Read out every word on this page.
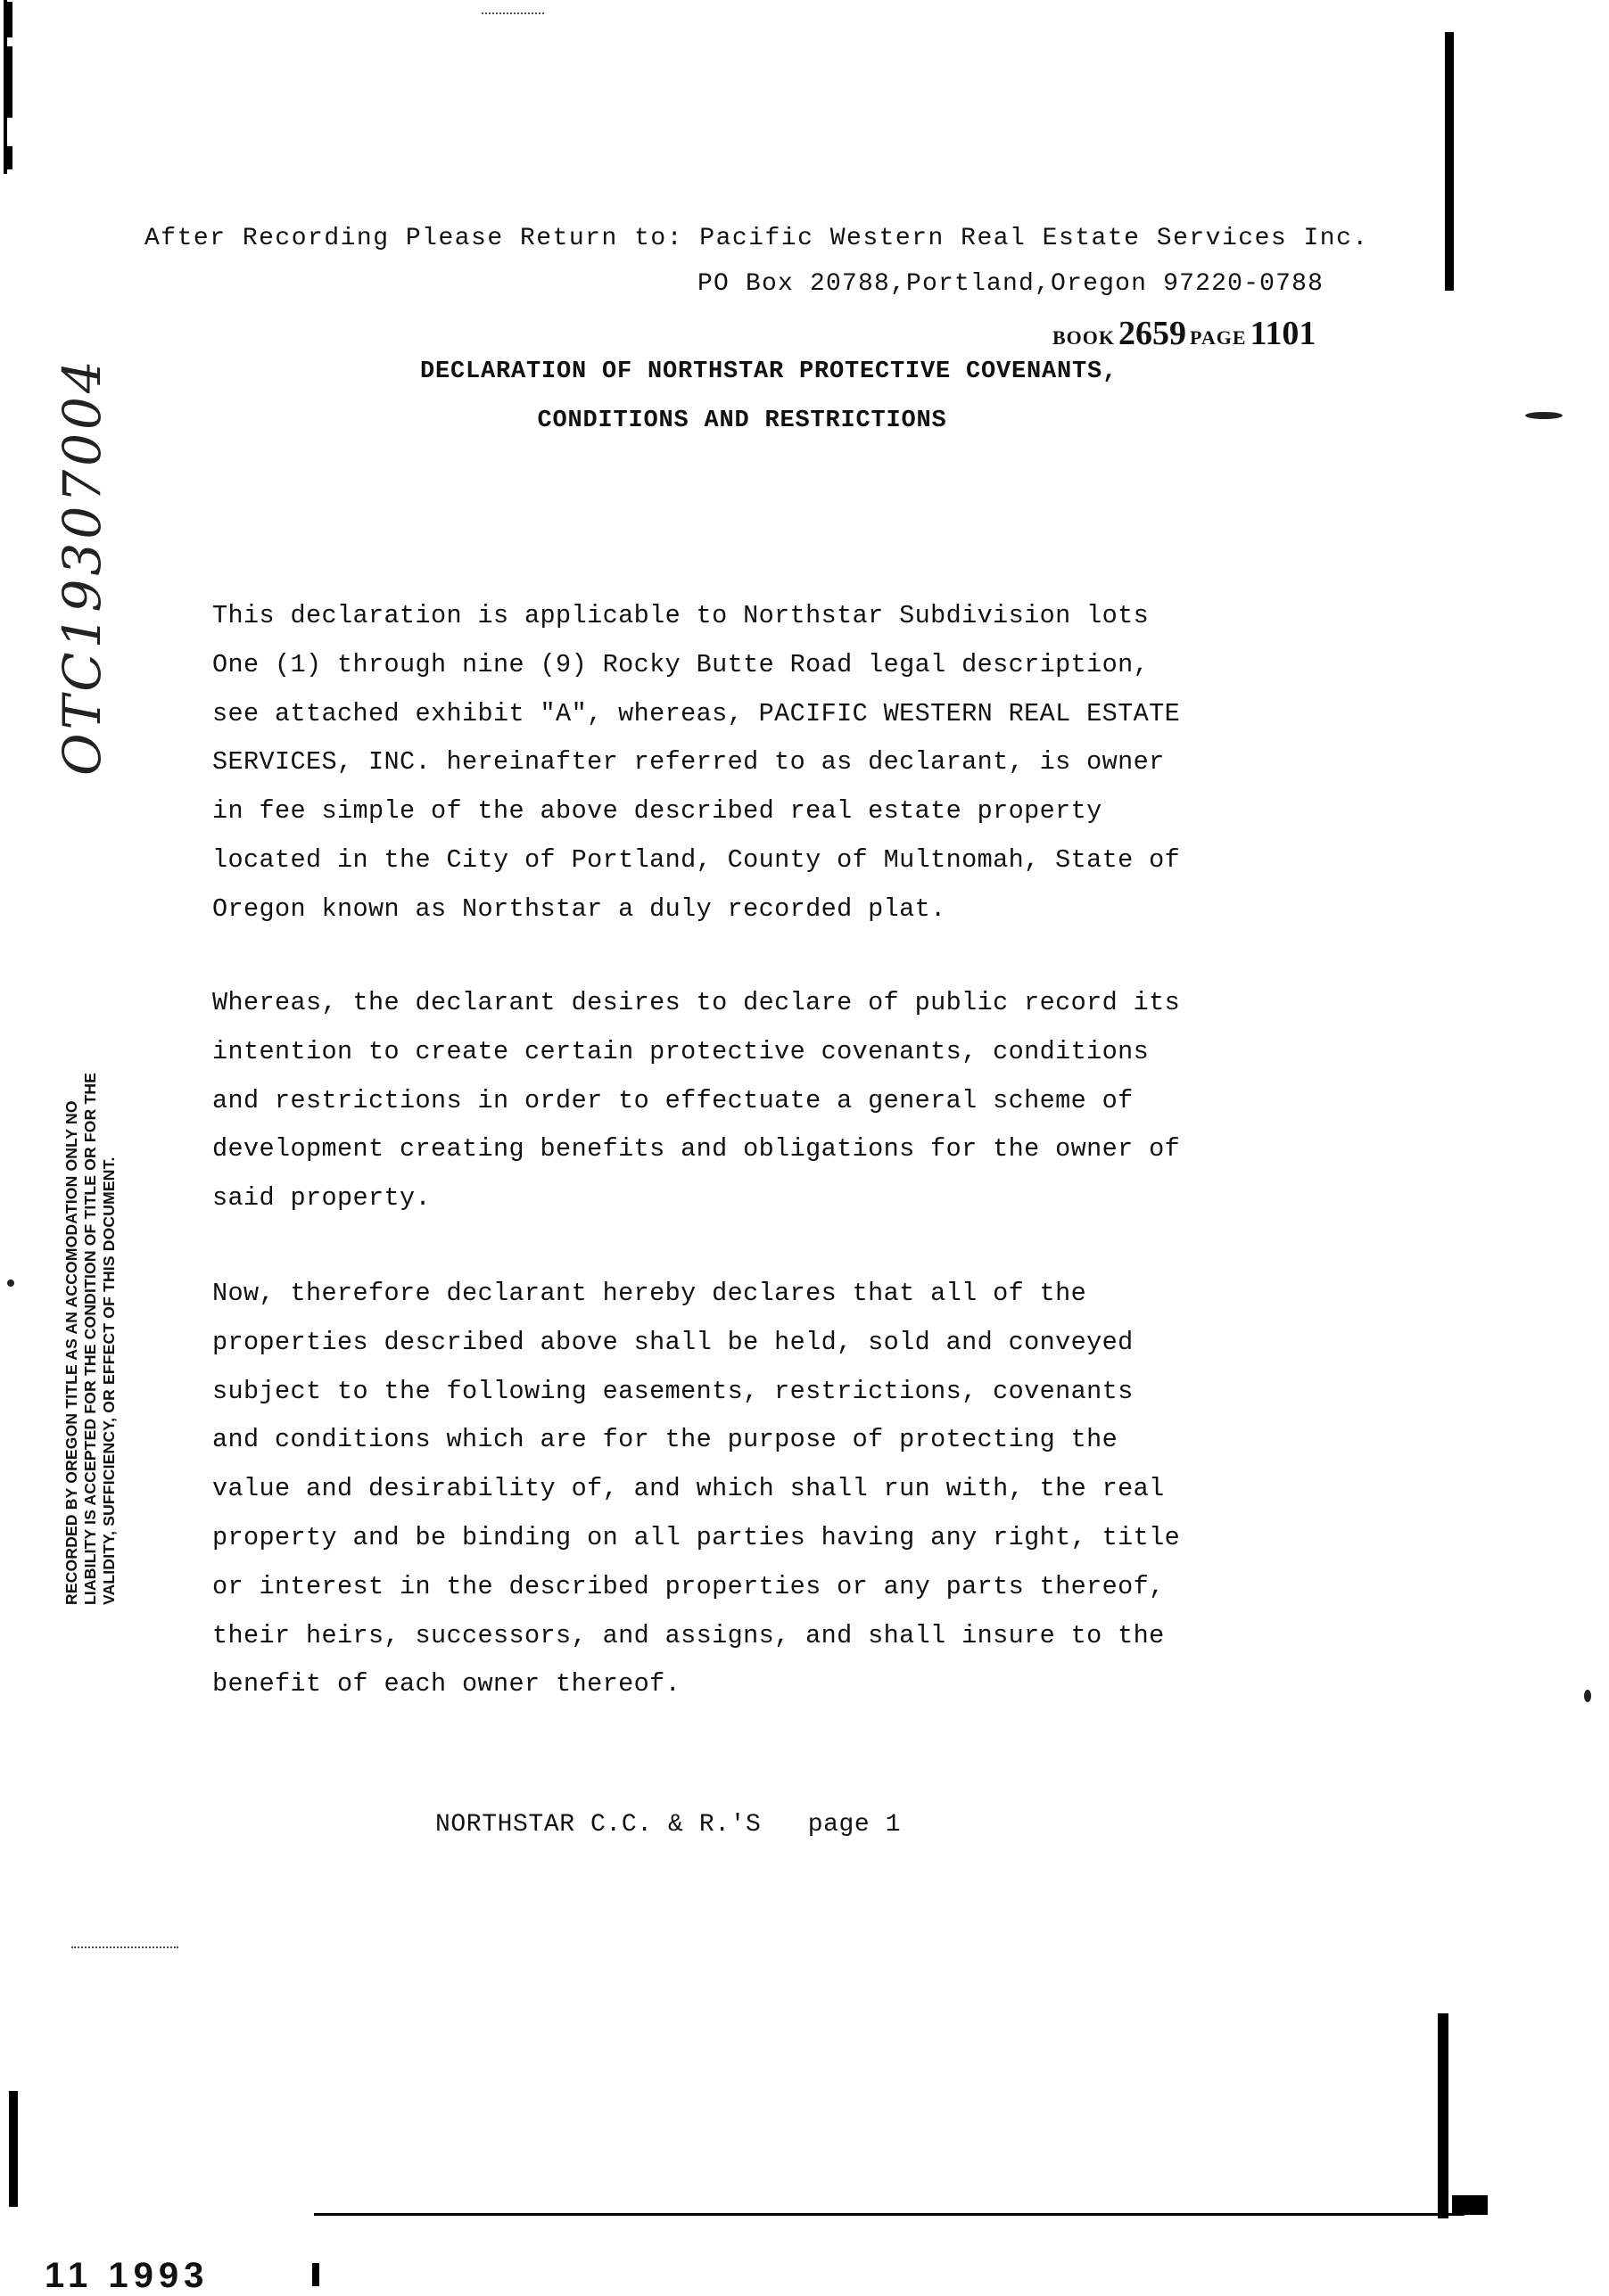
After Recording Please Return to: Pacific Western Real Estate Services Inc.
PO Box 20788,Portland,Oregon 97220-0788
BOOK 2659 PAGE 1101
DECLARATION OF NORTHSTAR PROTECTIVE COVENANTS,
CONDITIONS AND RESTRICTIONS
This declaration is applicable to Northstar Subdivision lots
One (1) through nine (9) Rocky Butte Road legal description,
see attached exhibit "A", whereas, PACIFIC WESTERN REAL ESTATE
SERVICES, INC. hereinafter referred to as declarant, is owner
in fee simple of the above described real estate property
located in the City of Portland, County of Multnomah, State of
Oregon known as Northstar a duly recorded plat.
Whereas, the declarant desires to declare of public record its
intention to create certain protective covenants, conditions
and restrictions in order to effectuate a general scheme of
development creating benefits and obligations for the owner of
said property.
Now, therefore declarant hereby declares that all of the
properties described above shall be held, sold and conveyed
subject to the following easements, restrictions, covenants
and conditions which are for the purpose of protecting the
value and desirability of, and which shall run with, the real
property and be binding on all parties having any right, title
or interest in the described properties or any parts thereof,
their heirs, successors, and assigns, and shall insure to the
benefit of each owner thereof.
NORTHSTAR C.C. & R.'S page 1
RECORDED BY OREGON TITLE AS AN ACCOMODATION ONLY NO LIABILITY IS ACCEPTED FOR THE CONDITION OF TITLE OR FOR THE VALIDITY, SUFFICIENCY, OR EFFECT OF THIS DOCUMENT.
OTC19307004
11 1993
